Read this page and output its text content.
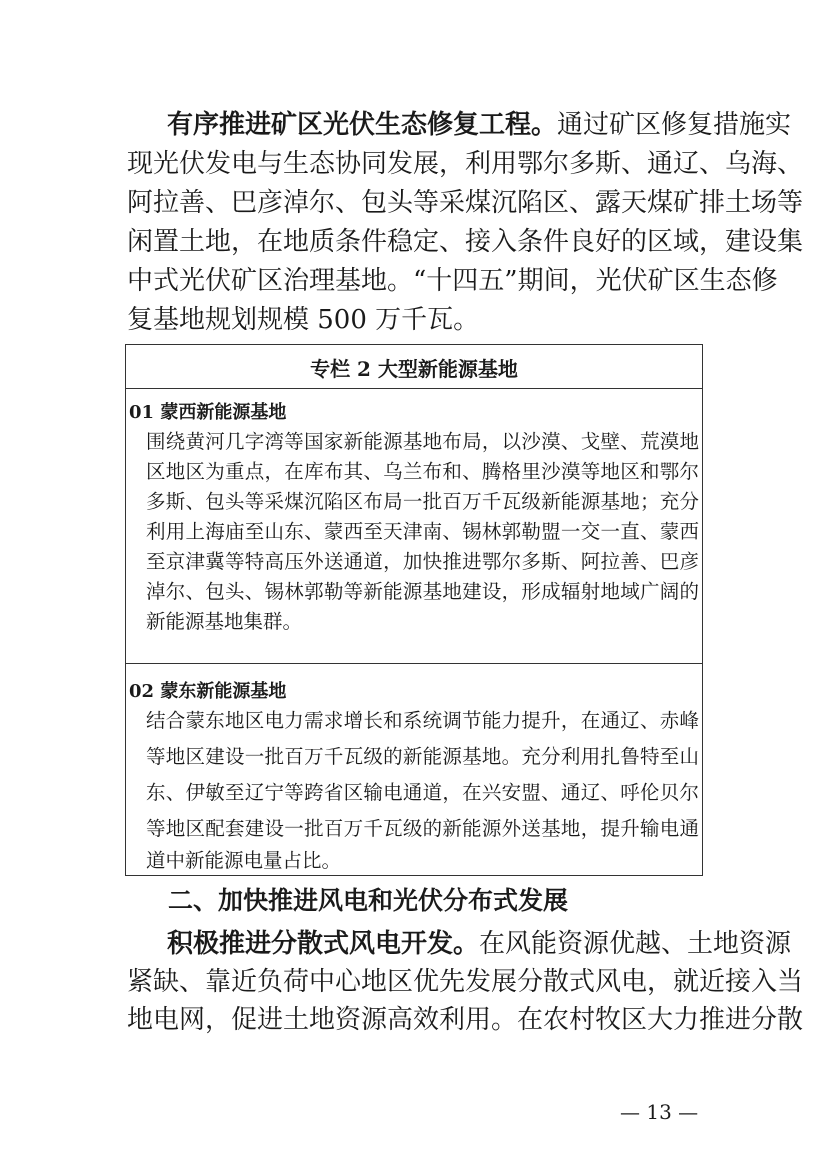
有序推进矿区光伏生态修复工程。通过矿区修复措施实
现光伏发电与生态协同发展，利用鄂尔多斯、通辽、乌海、
阿拉善、巴彦淖尔、包头等采煤沉陷区、露天煤矿排土场等
闲置土地，在地质条件稳定、接入条件良好的区域，建设集
中式光伏矿区治理基地。“十四五”期间，光伏矿区生态修
复基地规划规模 500 万千瓦。
专栏 2 大型新能源基地
01 蒙西新能源基地
围绕黄河几字湾等国家新能源基地布局，以沙漠、戈壁、荒漠地
区地区为重点，在库布其、乌兰布和、腾格里沙漠等地区和鄂尔
多斯、包头等采煤沉陷区布局一批百万千瓦级新能源基地；充分
利用上海庙至山东、蒙西至天津南、锡林郭勒盟一交一直、蒙西
至京津冀等特高压外送通道，加快推进鄂尔多斯、阿拉善、巴彦
淖尔、包头、锡林郭勒等新能源基地建设，形成辐射地域广阔的
新能源基地集群。
02 蒙东新能源基地
结合蒙东地区电力需求增长和系统调节能力提升，在通辽、赤峰
等地区建设一批百万千瓦级的新能源基地。充分利用扎鲁特至山
东、伊敏至辽宁等跨省区输电通道，在兴安盟、通辽、呼伦贝尔
等地区配套建设一批百万千瓦级的新能源外送基地，提升输电通
道中新能源电量占比。
二、加快推进风电和光伏分布式发展
积极推进分散式风电开发。在风能资源优越、土地资源
紧缺、靠近负荷中心地区优先发展分散式风电，就近接入当
地电网，促进土地资源高效利用。在农村牧区大力推进分散
— 13 —
